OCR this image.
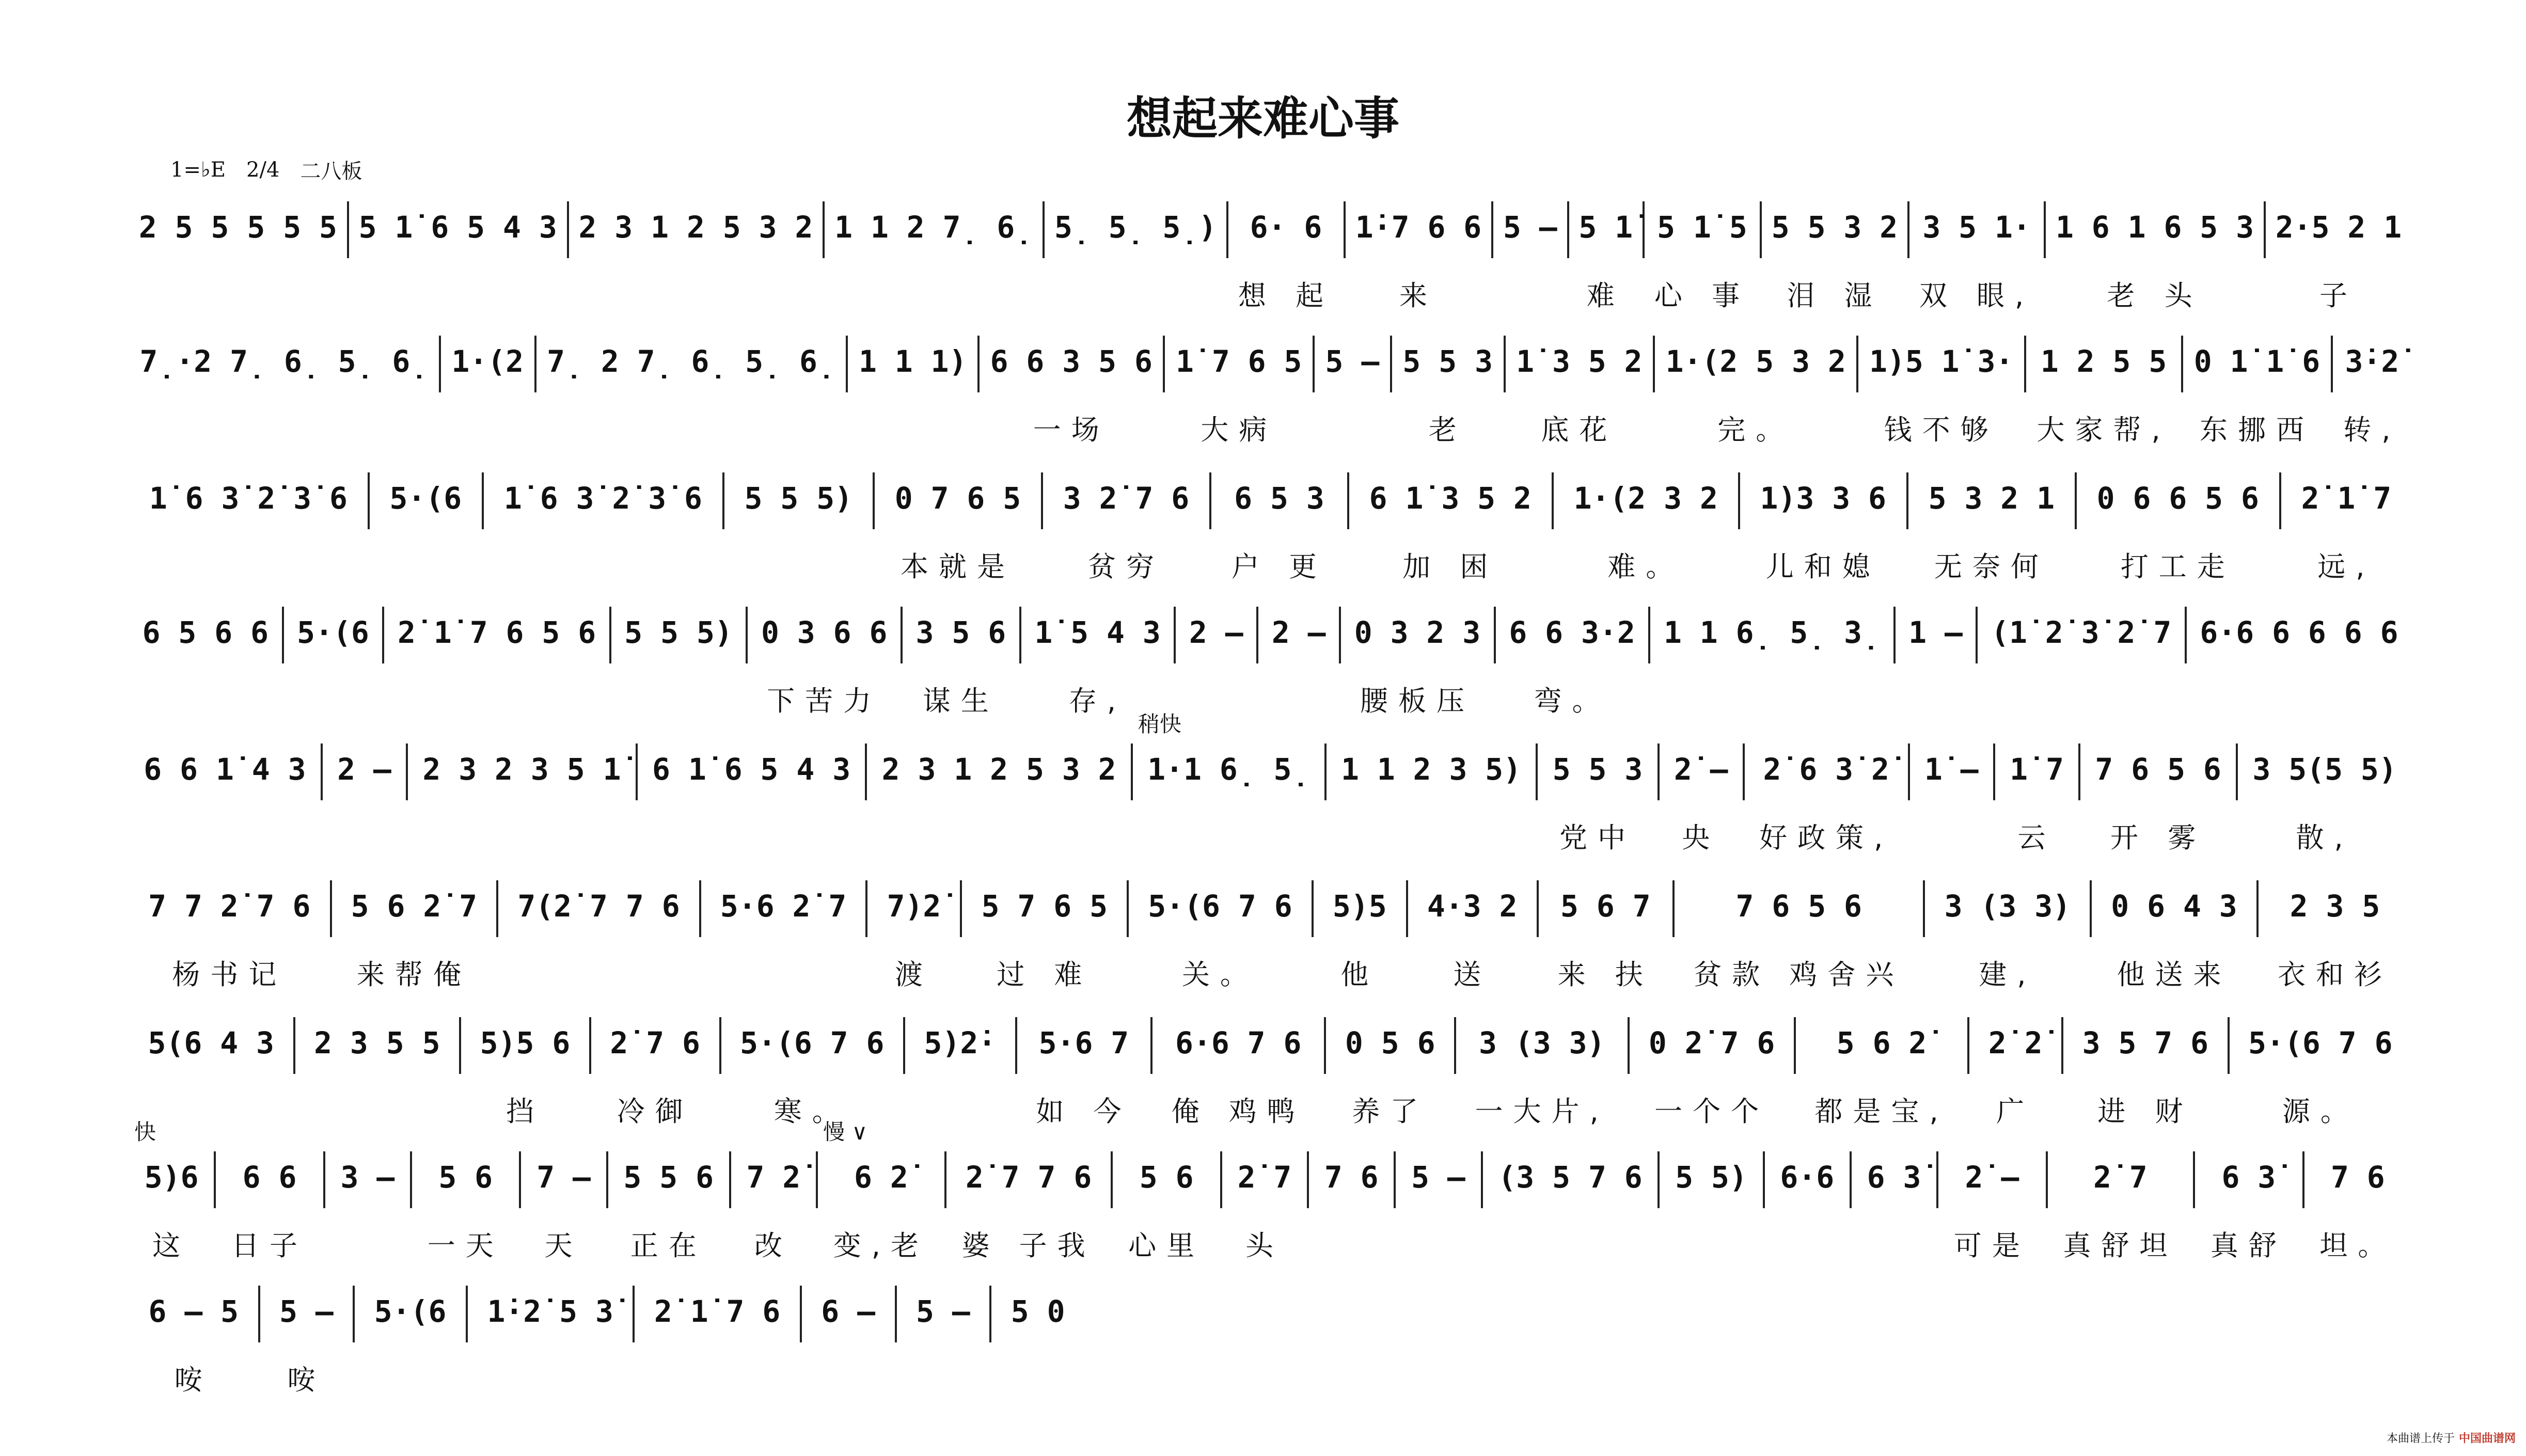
想起来难心事
1=♭E 2/4 二八板
2 5 5 5 5 5
5 1̇ 6 5 4 3
2 3 1 2 5 3 2
1 1 2 7̣ 6̣
5̣ 5̣ 5̣)
	6· 6
想 起
1̇·7 6 6
来
5 –
5 1̇
难
5 1̇ 5
心 事
5 5 3 2
泪 湿
3 5 1·
双 眼,
1 6 1 6 5 3
老 头
2·5 2 1
子
7̣·2 7̣ 6̣ 5̣ 6̣
1·(2
7̣ 2 7̣ 6̣ 5̣ 6̣
1 1 1)
6 6 3 5 6
一场
1̇ 7 6 5
大病
5 –
5 5 3
老
1̇ 3 5 2
底花
1·(2 5 3 2
完。
1)5 1̇ 3·
钱不够
1 2 5 5
大家帮,
0 1̇ 1̇ 6
东挪西
3̇·2̇
转,
1̇ 6 3̇ 2̇ 3̇ 6
	5·(6
	1̇ 6 3̇ 2̇ 3̇ 6
	5 5 5)
	0 7 6 5
本就是
3 2̇ 7 6
贫穷
6 5 3
户 更
6 1̇ 3 5 2
加 困
1·(2 3 2
难。
1)3 3 6
儿和媳
5 3 2 1
无奈何
0 6 6 5 6
打工走
2̇ 1̇ 7
远,
6 5 6 6
5·(6
2̇ 1̇ 7 6 5 6
5 5 5)
0 3 6 6
下苦力
3 5 6
谋生
1̇ 5 4 3
存,
2 –
2 –
0 3 2 3
腰板压
6 6 3·2
弯。
1 1 6̣ 5̣ 3̣
1 –
(1̇ 2̇ 3̇ 2̇ 7
6·6 6 6 6 6

6 6 1̇ 4 3
2 –
2 3 2 3 5 1̇
6 1̇ 6 5 4 3
2 3 1 2 5 3 2

稍快
1·1 6̣ 5̣
1 1 2 3 5)
5 5 3
党中
2̇ –
央
2̇ 6 3̇ 2̇
好政策,
1̇ –
1̇ 7
云
7 6 5 6
开 雾
3 5(5 5)
散,
7 7 2̇ 7 6
杨书记
5 6 2̇ 7
来帮俺
7(2̇ 7 7 6
	5·6 2̇ 7
	7)2̇
渡
5 7 6 5
过 难
5·(6 7 6
关。
5)5
他
4·3 2
送
5 6 7
来 扶
7 6 5 6
贫款 鸡舍兴
3 (3 3)
建,
0 6 4 3
他送来
2 3 5
衣和衫
5(6 4 3
	2 3 5 5
	5)5 6
挡
2̇ 7 6
冷御
5·(6 7 6
寒。
5)2̇·
	5·6 7
如 今
6·6 7 6
俺 鸡鸭
0 5 6
养了
3 (3 3)
一大片,
0 2̇ 7 6
一个个
5 6 2̇
都是宝,
2̇ 2̇
广
3 5 7 6
进 财
5·(6 7 6
源。
快
5)6
这
6 6
日子
3 –
	5 6
一天
7 –
天
5 5 6
正在
7 2̇
改
慢 ∨
6 2̇
变,老
2̇ 7 7 6
婆 子我
5 6
心里
2̇ 7
头
7 6
5 –
(3 5 7 6
5 5)
6·6
6 3̇
	2̇ –
可是
2̇ 7
真舒坦
6 3̇
真舒
7 6
坦。
6 – 5
咹
5 –
咹
5·(6
	1̇·2̇ 5 3̇
	2̇ 1̇ 7 6
	6 –
	5 –
	5 0

本曲谱上传于 中国曲谱网
